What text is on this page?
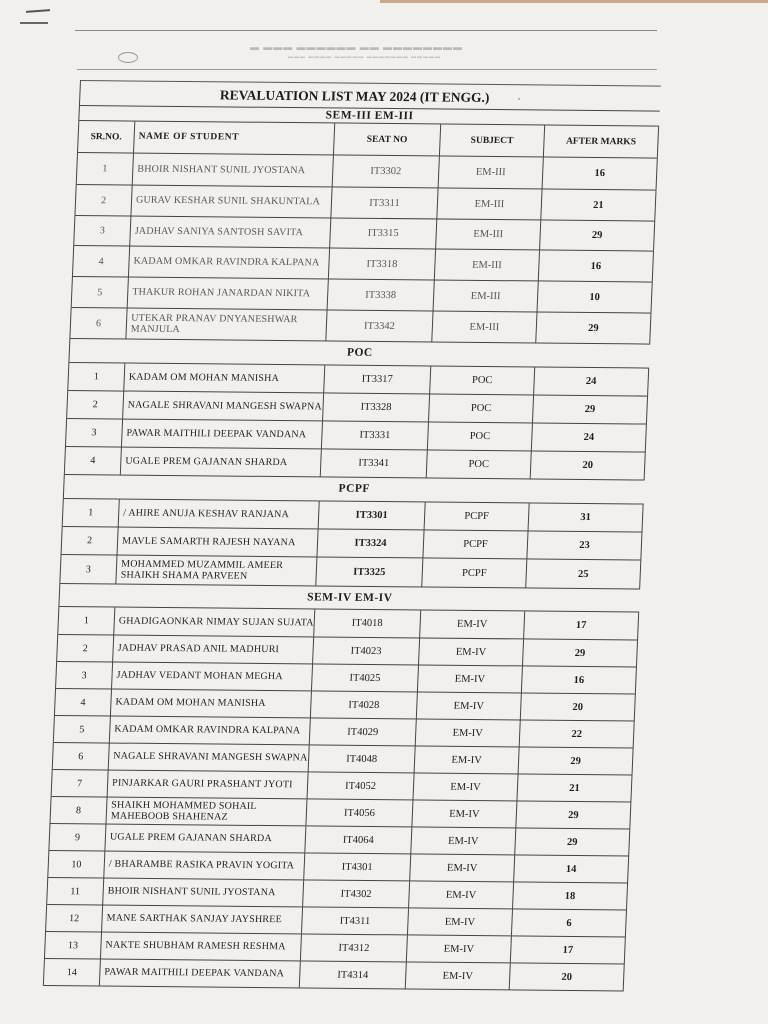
▬ ▬▬▬ ▬▬▬▬▬▬ ▬▬ ▬▬▬▬▬▬▬▬
▬▬▬ ▬▬▬▬ ▬▬▬▬▬ ▬▬▬▬▬▬▬ ▬▬▬▬▬
REVALUATION LIST MAY 2024 (IT ENGG.)	·
SEM-III EM-III
SR.NO.	NAME OF STUDENT	SEAT NO	SUBJECT	AFTER MARKS
1	BHOIR NISHANT SUNIL JYOSTANA	IT3302	EM-III	16
2	GURAV KESHAR SUNIL SHAKUNTALA	IT3311	EM-III	21
3	JADHAV SANIYA SANTOSH SAVITA	IT3315	EM-III	29
4	KADAM OMKAR RAVINDRA KALPANA	IT3318	EM-III	16
5	THAKUR ROHAN JANARDAN NIKITA	IT3338	EM-III	10
6	UTEKAR PRANAV DNYANESHWAR MANJULA	IT3342	EM-III	29
POC
1	KADAM OM MOHAN MANISHA	IT3317	POC	24
2	NAGALE SHRAVANI MANGESH SWAPNA	IT3328	POC	29
3	PAWAR MAITHILI DEEPAK VANDANA	IT3331	POC	24
4	UGALE PREM GAJANAN SHARDA	IT3341	POC	20
PCPF
1	/ AHIRE ANUJA KESHAV RANJANA	IT3301	PCPF	31
2	MAVLE SAMARTH RAJESH NAYANA	IT3324	PCPF	23
3	MOHAMMED MUZAMMIL AMEER SHAIKH SHAMA PARVEEN	IT3325	PCPF	25
SEM-IV EM-IV
1	GHADIGAONKAR NIMAY SUJAN SUJATA	IT4018	EM-IV	17
2	JADHAV PRASAD ANIL MADHURI	IT4023	EM-IV	29
3	JADHAV VEDANT MOHAN MEGHA	IT4025	EM-IV	16
4	KADAM OM MOHAN MANISHA	IT4028	EM-IV	20
5	KADAM OMKAR RAVINDRA KALPANA	IT4029	EM-IV	22
6	NAGALE SHRAVANI MANGESH SWAPNA	IT4048	EM-IV	29
7	PINJARKAR GAURI PRASHANT JYOTI	IT4052	EM-IV	21
8	SHAIKH MOHAMMED SOHAIL MAHEBOOB SHAHENAZ	IT4056	EM-IV	29
9	UGALE PREM GAJANAN SHARDA	IT4064	EM-IV	29
10	/ BHARAMBE RASIKA PRAVIN YOGITA	IT4301	EM-IV	14
11	BHOIR NISHANT SUNIL JYOSTANA	IT4302	EM-IV	18
12	MANE SARTHAK SANJAY JAYSHREE	IT4311	EM-IV	6
13	NAKTE SHUBHAM RAMESH RESHMA	IT4312	EM-IV	17
14	PAWAR MAITHILI DEEPAK VANDANA	IT4314	EM-IV	20
